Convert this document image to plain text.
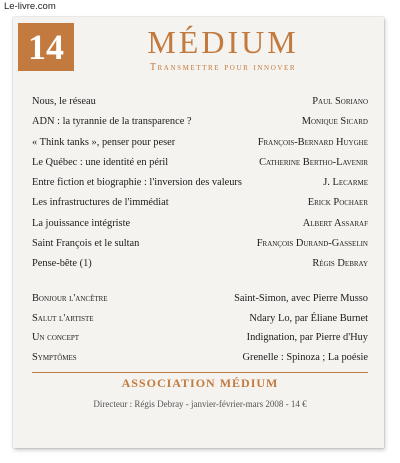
Le-livre.com
14	MÉDIUM
Transmettre pour innover
Nous, le réseau	Paul Soriano
ADN : la tyrannie de la transparence ?	Monique Sicard
« Think tanks », penser pour peser	François-Bernard Huyghe
Le Québec : une identité en péril	Catherine Bertho-Lavenir
Entre fiction et biographie : l'inversion des valeurs	J. Lecarme
Les infrastructures de l'immédiat	Erick Pochaer
La jouissance intégriste	Albert Assaraf
Saint François et le sultan	François Durand-Gasselin
Pense-bête (1)	Régis Debray
Bonjour l'ancêtre	Saint-Simon, avec Pierre Musso
Salut l'artiste	Ndary Lo, par Éliane Burnet
Un concept	Indignation, par Pierre d'Huy
Symptômes	Grenelle : Spinoza ; La poésie
ASSOCIATION MÉDIUM
Directeur : Régis Debray - janvier-février-mars 2008 - 14 €
